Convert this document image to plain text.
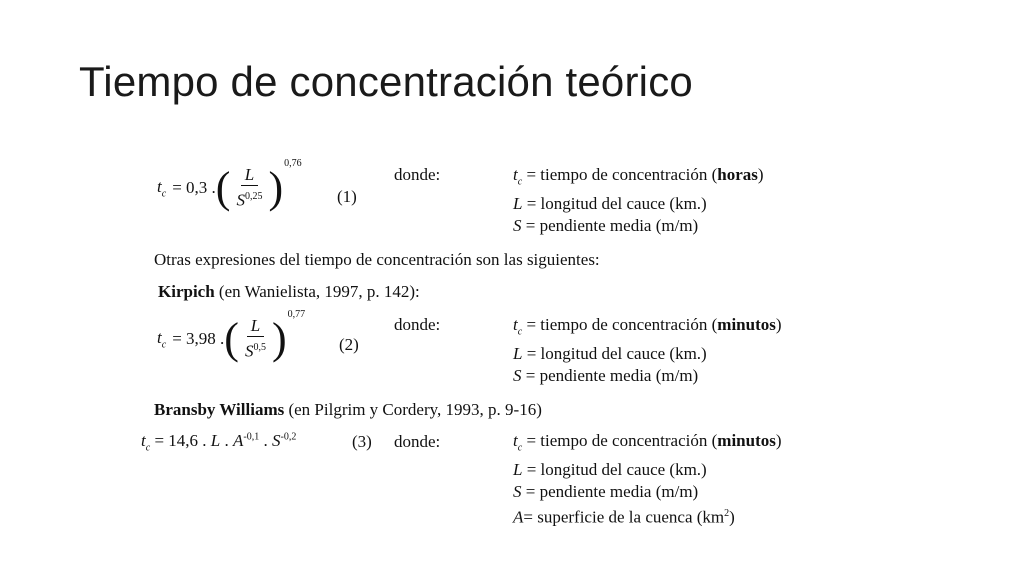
Tiempo de concentración teórico
$t_c = 0,3$ . ( $\frac{L}{S^{0,25}}$ ) 0,76
(1)
donde:	$t_c$ = tiempo de concentración (horas)
L = longitud del cauce (km.)
S = pendiente media (m/m)
Otras expresiones del tiempo de concentración son las siguientes:
Kirpich (en Wanielista, 1997, p. 142):
$t_c = 3,98$ . ( $\frac{L}{S^{0,5}}$ ) 0,77
(2)
donde:	$t_c$ = tiempo de concentración (minutos)
L = longitud del cauce (km.)
S = pendiente media (m/m)
Bransby Williams (en Pilgrim y Cordery, 1993, p. 9-16)
$t_c = 14,6$ . L . $A^{-0,1}$ . $S^{-0,2}$	(3) donde:	$t_c$ = tiempo de concentración (minutos)
L = longitud del cauce (km.)
S = pendiente media (m/m)
A= superficie de la cuenca $(km^2)$
